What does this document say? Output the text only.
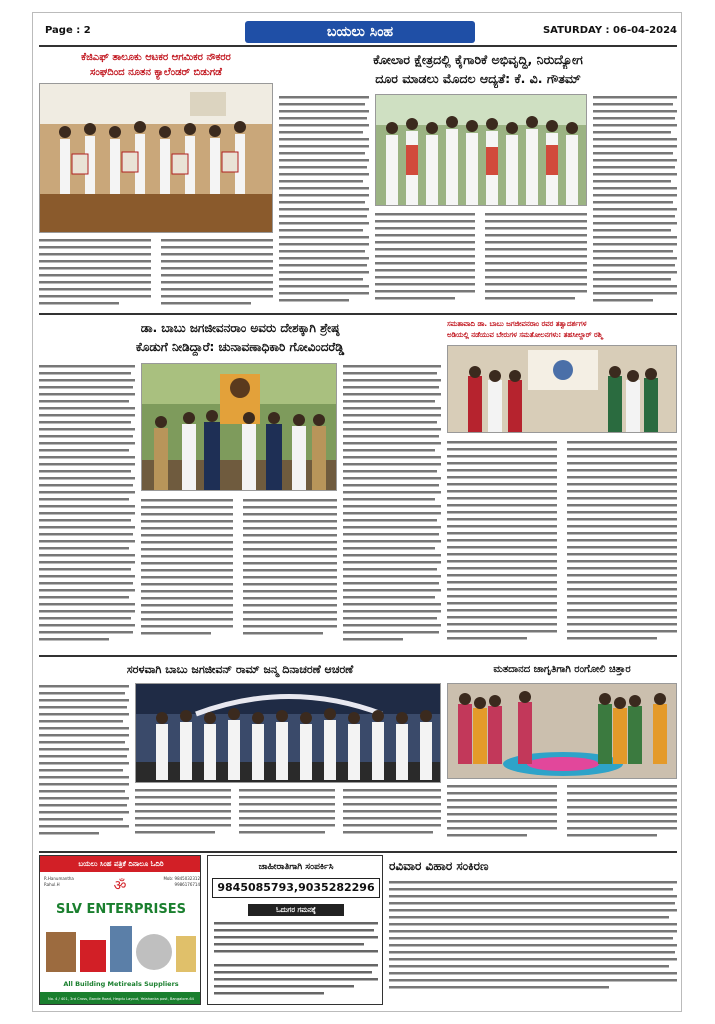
Page : 2	ಬಯಲು ಸಿಂಹ	SATURDAY : 06-04-2024
ಕೆಜಿಎಫ್ ತಾಲೂಕು ಆಟಕರ ಆಗಮಿಕರ ನೌಕರರ
ಸಂಘದಿಂದ ನೂತನ ಕ್ಯಾಲೆಂಡರ್ ಬಿಡುಗಡೆ
ಕೋಲಾರ ಕ್ಷೇತ್ರದಲ್ಲಿ ಕೈಗಾರಿಕೆ ಅಭಿವೃದ್ಧಿ, ನಿರುದ್ಯೋಗ
ದೂರ ಮಾಡಲು ಮೊದಲ ಆದ್ಯತೆ: ಕೆ. ವಿ. ಗೌತಮ್
ಡಾ. ಬಾಬು ಜಗಜೀವನರಾಂ ಅವರು ದೇಶಕ್ಕಾಗಿ ಶ್ರೇಷ್ಠ
ಕೊಡುಗೆ ನೀಡಿದ್ದಾರೆ: ಚುನಾವಣಾಧಿಕಾರಿ ಗೋವಿಂದರೆಡ್ಡಿ
ಸಮತಾವಾದಿ ಡಾ. ಬಾಬು ಜಗಜೀವನರಾಂ ರವರ ತತ್ವಾದರ್ಶಗಳ
ಅಡಿಯಲ್ಲಿ ನಡೆಯುವ ಬೇರುಗಳ ಸಮತೋಲನಗಳು: ತಹಸೀಲ್ದಾರ್ ರಶ್ಮಿ
ಸರಳವಾಗಿ ಬಾಬು ಜಗಜೀವನ್ ರಾಮ್ ಜನ್ಮ ದಿನಾಚರಣೆ ಆಚರಣೆ	ಮತದಾನದ ಜಾಗೃತಿಗಾಗಿ ರಂಗೋಲಿ ಚಿತ್ತಾರ
ಬಯಲು ಸಿಂಹ ಪತ್ರಿಕೆ ದಿನಾಲೂ ಓದಿರಿ
R.Hanumantha
Rahul.H	ॐ	Mob: 9845032312
9986176714
SLV ENTERPRISES
All Building Metireals Suppliers
No. 4 / 401, 3rd Cross, Bande Road, Hegdu Layout, Yelahanka post, Bangalore-64
ಜಾಹೀರಾತಿಗಾಗಿ ಸಂಪರ್ಕಿಸಿ
9845085793,9035282296
ಓದುಗರ ಗಮನಕ್ಕೆ
ರವಿವಾರ ವಿಹಾರ ಸಂಕಿರಣ
